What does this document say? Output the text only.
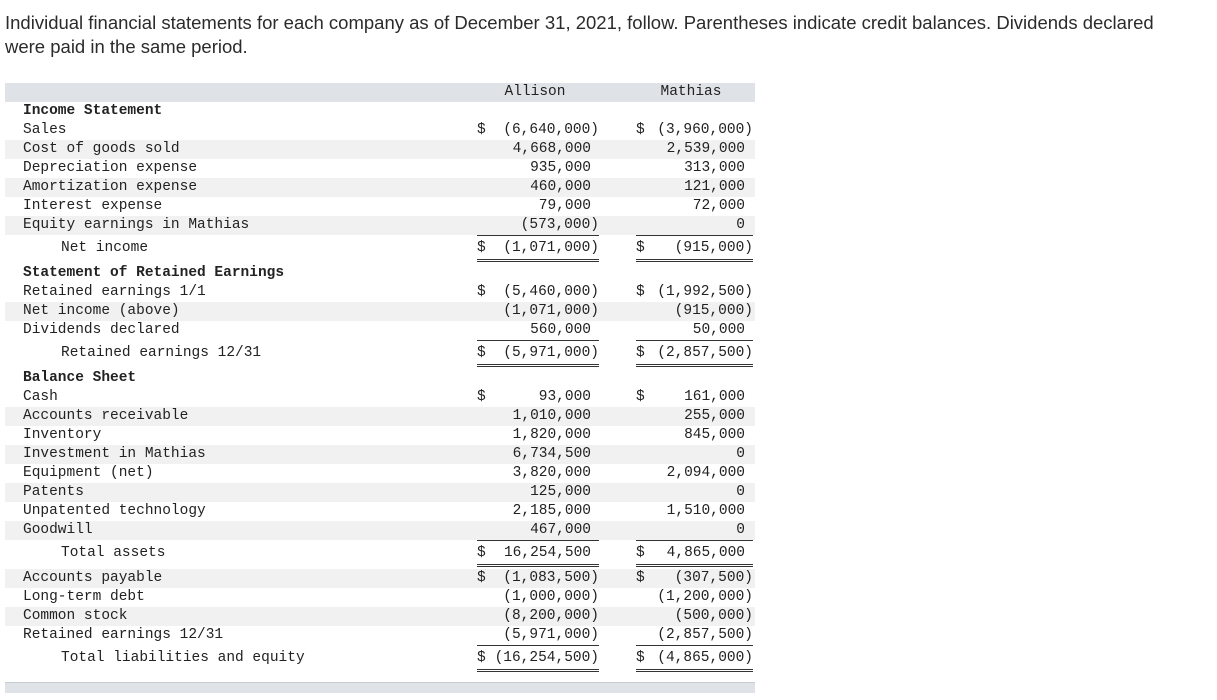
Individual financial statements for each company as of December 31, 2021, follow. Parentheses indicate credit balances. Dividends declared were paid in the same period.
Allison	Mathias
Income Statement
Sales	$ (6,640,000)	$ (3,960,000)
Cost of goods sold	4,668,000	2,539,000
Depreciation expense	935,000	313,000
Amortization expense	460,000	121,000
Interest expense	79,000	72,000
Equity earnings in Mathias	(573,000)	0
Net income	$ (1,071,000)	$ (915,000)
Statement of Retained Earnings
Retained earnings 1/1	$ (5,460,000)	$ (1,992,500)
Net income (above)	(1,071,000)	(915,000)
Dividends declared	560,000	50,000
Retained earnings 12/31	$ (5,971,000)	$ (2,857,500)
Balance Sheet
Cash	$	93,000	$	161,000
Accounts receivable	1,010,000	255,000
Inventory	1,820,000	845,000
Investment in Mathias	6,734,500	0
Equipment (net)	3,820,000	2,094,000
Patents	125,000	0
Unpatented technology	2,185,000	1,510,000
Goodwill	467,000	0
Total assets	$ 16,254,500	$ 4,865,000
Accounts payable	$ (1,083,500)	$ (307,500)
Long-term debt	(1,000,000)	(1,200,000)
Common stock	(8,200,000)	(500,000)
Retained earnings 12/31	(5,971,000)	(2,857,500)
Total liabilities and equity	$ (16,254,500)	$ (4,865,000)
